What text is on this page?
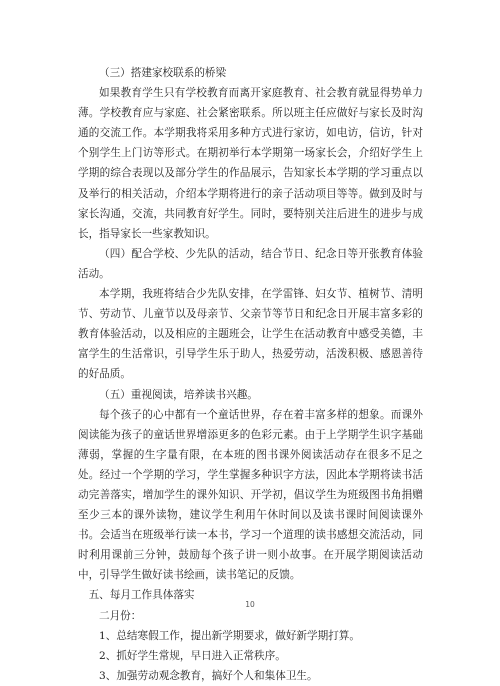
（三）搭建家校联系的桥梁

如果教育学生只有学校教育而离开家庭教育、社会教育就显得势单力薄。学校教育应与家庭、社会紧密联系。所以班主任应做好与家长及时沟通的交流工作。本学期我将采用多种方式进行家访，如电访，信访，针对个别学生上门访等形式。在期初举行本学期第一场家长会，介绍好学生上学期的综合表现以及部分学生的作品展示，告知家长本学期的学习重点以及举行的相关活动，介绍本学期将进行的亲子活动项目等等。做到及时与家长沟通，交流，共同教育好学生。同时，要特别关注后进生的进步与成长，指导家长一些家教知识。

（四）配合学校、少先队的活动，结合节日、纪念日等开张教育体验活动。

本学期，我班将结合少先队安排，在学雷锋、妇女节、植树节、清明节、劳动节、儿童节以及母亲节、父亲节等节日和纪念日开展丰富多彩的教育体验活动，以及相应的主题班会，让学生在活动教育中感受美德，丰富学生的生活常识，引导学生乐于助人，热爱劳动，活泼积极、感恩善待的好品质。

（五）重视阅读，培养读书兴趣。

每个孩子的心中都有一个童话世界，存在着丰富多样的想象。而课外阅读能为孩子的童话世界增添更多的色彩元素。由于上学期学生识字基础薄弱，掌握的生字量有限，在本班的图书课外阅读活动存在很多不足之处。经过一个学期的学习，学生掌握多种识字方法，因此本学期将读书活动完善落实，增加学生的课外知识、开学初，倡议学生为班级图书角捐赠至少三本的课外读物，建议学生利用午休时间以及读书课时间阅读课外书。会适当在班级举行读一本书，学习一个道理的读书感想交流活动，同时利用课前三分钟，鼓励每个孩子讲一则小故事。在开展学期阅读活动中，引导学生做好读书绘画，读书笔记的反馈。

五、每月工作具体落实

二月份：

1、总结寒假工作，提出新学期要求，做好新学期打算。

2、抓好学生常规，早日进入正常秩序。

3、加强劳动观念教育，搞好个人和集体卫生。

10
